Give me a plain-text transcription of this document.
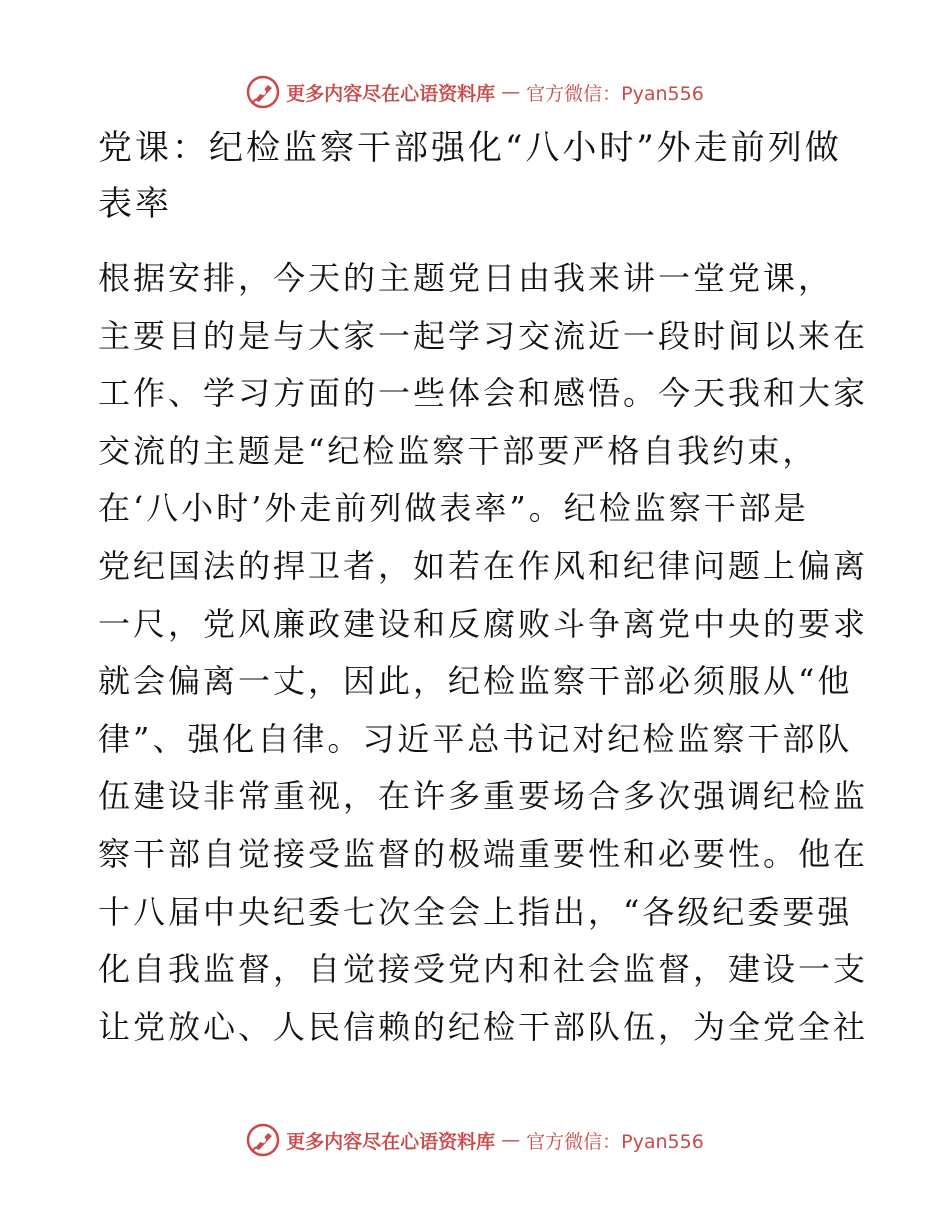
更多内容尽在心语资料库 — 官方微信：Pyan556
党课：纪检监察干部强化“八小时”外走前列做
表率
根据安排，今天的主题党日由我来讲一堂党课，
主要目的是与大家一起学习交流近一段时间以来在
工作、学习方面的一些体会和感悟。今天我和大家
交流的主题是“纪检监察干部要严格自我约束，
在‘八小时’外走前列做表率”。纪检监察干部是
党纪国法的捍卫者，如若在作风和纪律问题上偏离
一尺，党风廉政建设和反腐败斗争离党中央的要求
就会偏离一丈，因此，纪检监察干部必须服从“他
律”、强化自律。习近平总书记对纪检监察干部队
伍建设非常重视，在许多重要场合多次强调纪检监
察干部自觉接受监督的极端重要性和必要性。他在
十八届中央纪委七次全会上指出，“各级纪委要强
化自我监督，自觉接受党内和社会监督，建设一支
让党放心、人民信赖的纪检干部队伍，为全党全社
更多内容尽在心语资料库 — 官方微信：Pyan556
